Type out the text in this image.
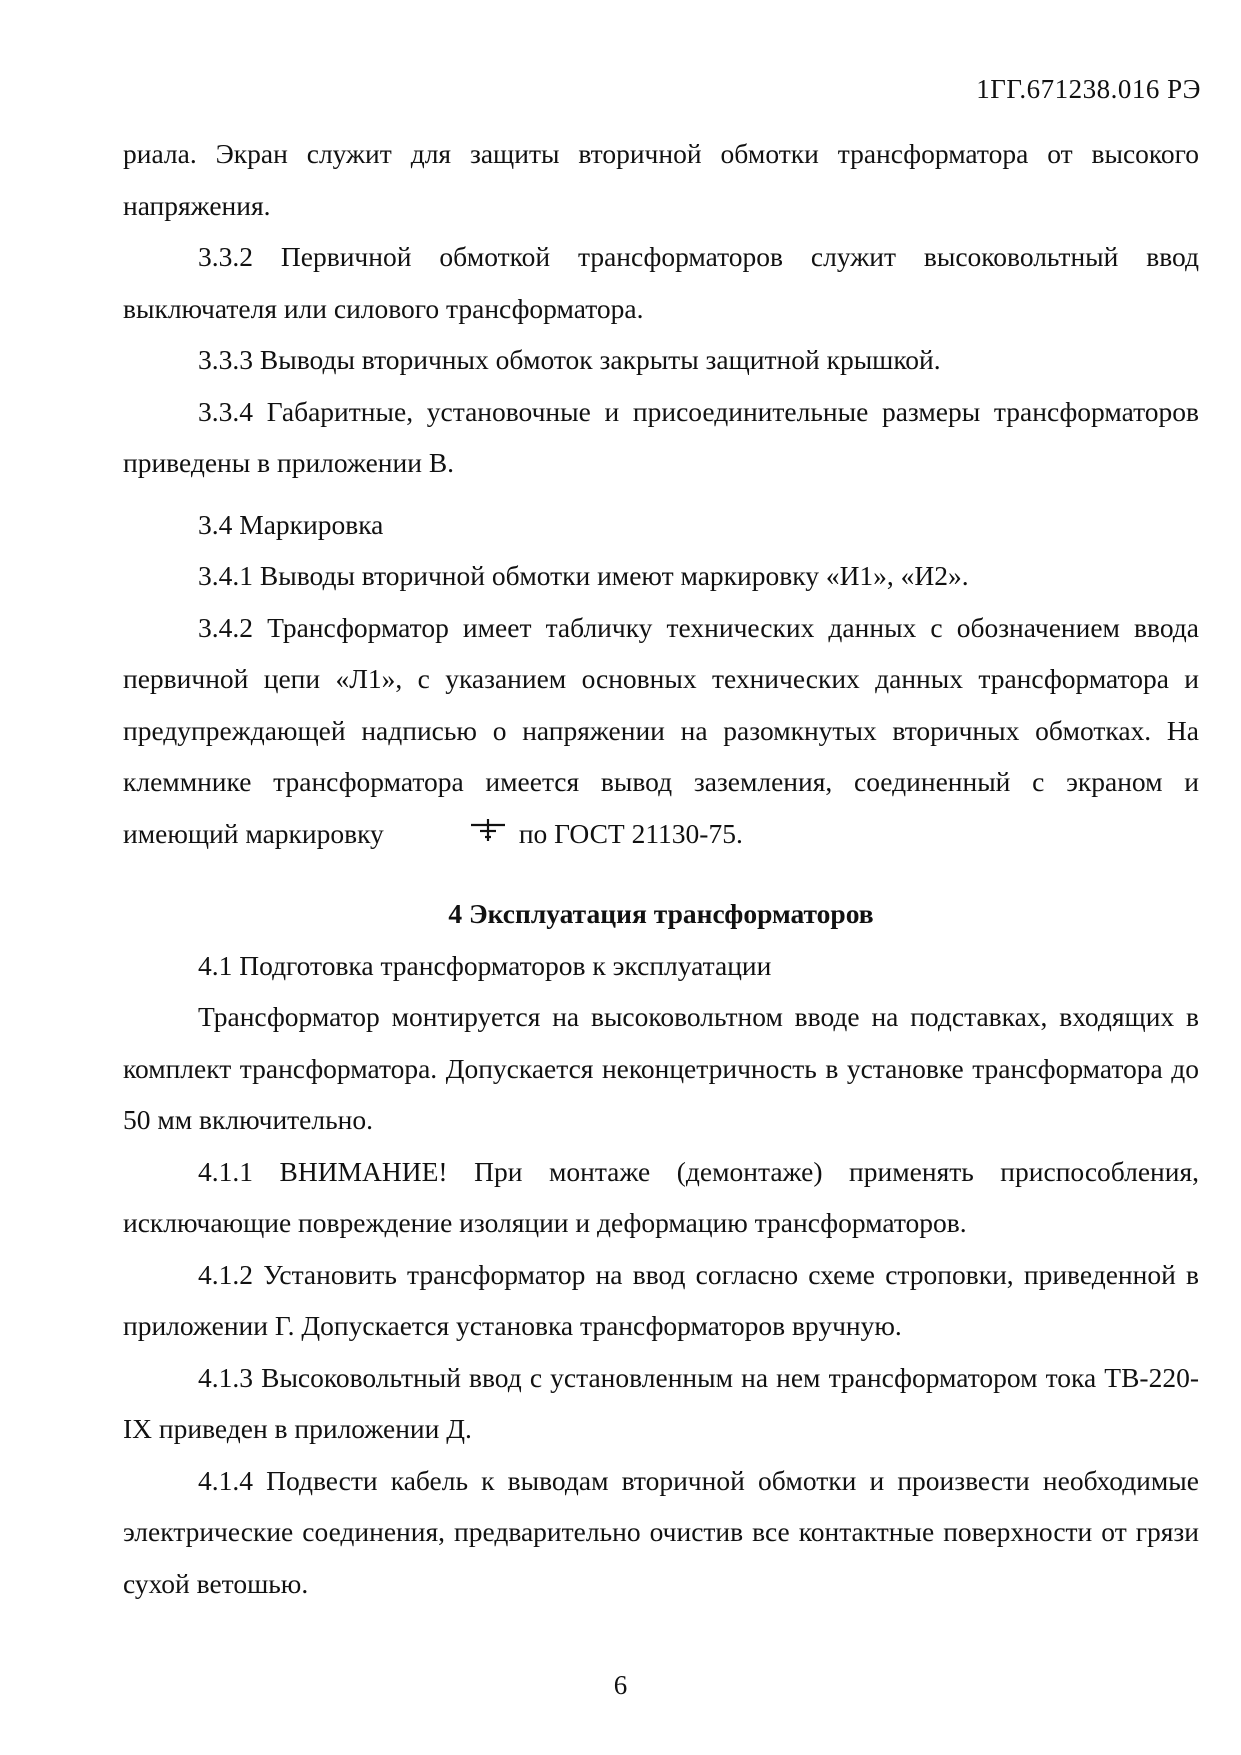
1ГГ.671238.016 РЭ

риала. Экран служит для защиты вторичной обмотки трансформатора от высокого напряжения.

3.3.2 Первичной обмоткой трансформаторов служит высоковольтный ввод выключателя или силового трансформатора.

3.3.3 Выводы вторичных обмоток закрыты защитной крышкой.

3.3.4 Габаритные, установочные и присоединительные размеры трансформаторов приведены в приложении В.

3.4 Маркировка

3.4.1 Выводы вторичной обмотки имеют маркировку «И1», «И2».

3.4.2 Трансформатор имеет табличку технических данных с обозначением ввода первичной цепи «Л1», с указанием основных технических данных трансформатора и предупреждающей надписью о напряжении на разомкнутых вторичных обмотках. На клеммнике трансформатора имеется вывод заземления, соединенный с экраном и имеющий маркировку	по ГОСТ 21130-75.

4 Эксплуатация трансформаторов

4.1 Подготовка трансформаторов к эксплуатации

Трансформатор монтируется на высоковольтном вводе на подставках, входящих в комплект трансформатора. Допускается неконцетричность в установке трансформатора до 50 мм включительно.

4.1.1 ВНИМАНИЕ! При монтаже (демонтаже) применять приспособления, исключающие повреждение изоляции и деформацию трансформаторов.

4.1.2 Установить трансформатор на ввод согласно схеме строповки, приведенной в приложении Г. Допускается установка трансформаторов вручную.

4.1.3 Высоковольтный ввод с установленным на нем трансформатором тока ТВ-220-IX приведен в приложении Д.

4.1.4 Подвести кабель к выводам вторичной обмотки и произвести необходимые электрические соединения, предварительно очистив все контактные поверхности от грязи сухой ветошью.

6
